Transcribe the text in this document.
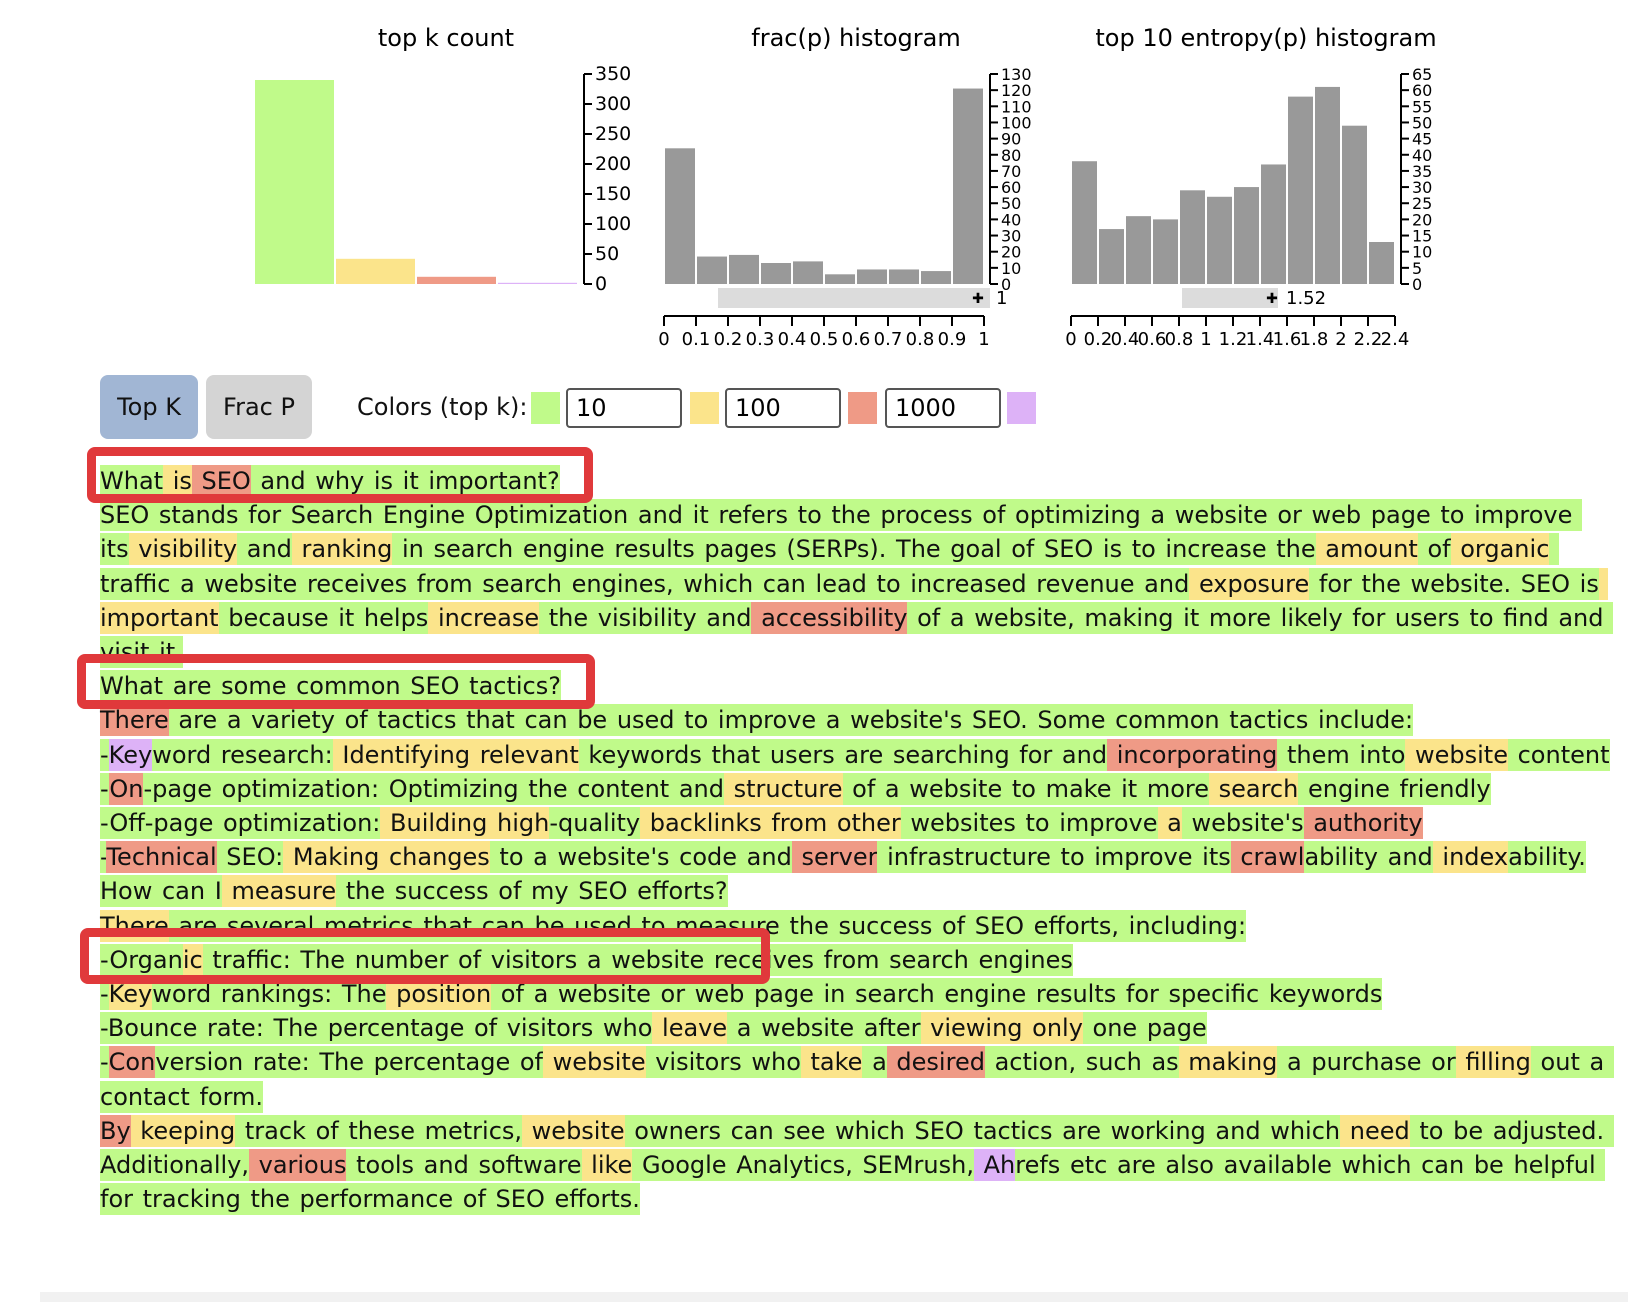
top k count
350
300
250
200
150
100
50
0
frac(p) histogram
130
120
110
100
90
80
70
60
50
40
30
20
10
0
0 0.1 0.2 0.3 0.4 0.5 0.6 0.7 0.8 0.9 1
✚ 1
top 10 entropy(p) histogram
65
60
55
50
45
40
35
30
25
20
15
10
5
0
0 0.2
0.4
0.6
0.8 1 1.2
1.4
1.6
1.8 2 2.2
2.4
✚ 1.52
Top K	Frac P	Colors (top k):
10
100
1000
What is SEO and why is it important?
SEO stands for Search Engine Optimization and it refers to the process of optimizing a website or web page to improve its visibility and ranking in search engine results pages (SERPs). The goal of SEO is to increase the amount of organic traffic a website receives from search engines, which can lead to increased revenue and exposure for the website. SEO is important because it helps increase the visibility and accessibility of a website, making it more likely for users to find and visit it.
What are some common SEO tactics?
There are a variety of tactics that can be used to improve a website's SEO. Some common tactics include:
-Keyword research: Identifying relevant keywords that users are searching for and incorporating them into website content
-On-page optimization: Optimizing the content and structure of a website to make it more search engine friendly
-Off-page optimization: Building high-quality backlinks from other websites to improve a website's authority
-Technical SEO: Making changes to a website's code and server infrastructure to improve its crawlability and indexability.
How can I measure the success of my SEO efforts?
There are several metrics that can be used to measure the success of SEO efforts, including:
-Organic traffic: The number of visitors a website receives from search engines
-Keyword rankings: The position of a website or web page in search engine results for specific keywords
-Bounce rate: The percentage of visitors who leave a website after viewing only one page
-Conversion rate: The percentage of website visitors who take a desired action, such as making a purchase or filling out a contact form.
By keeping track of these metrics, website owners can see which SEO tactics are working and which need to be adjusted. Additionally, various tools and software like Google Analytics, SEMrush, Ahrefs etc are also available which can be helpful for tracking the performance of SEO efforts.
